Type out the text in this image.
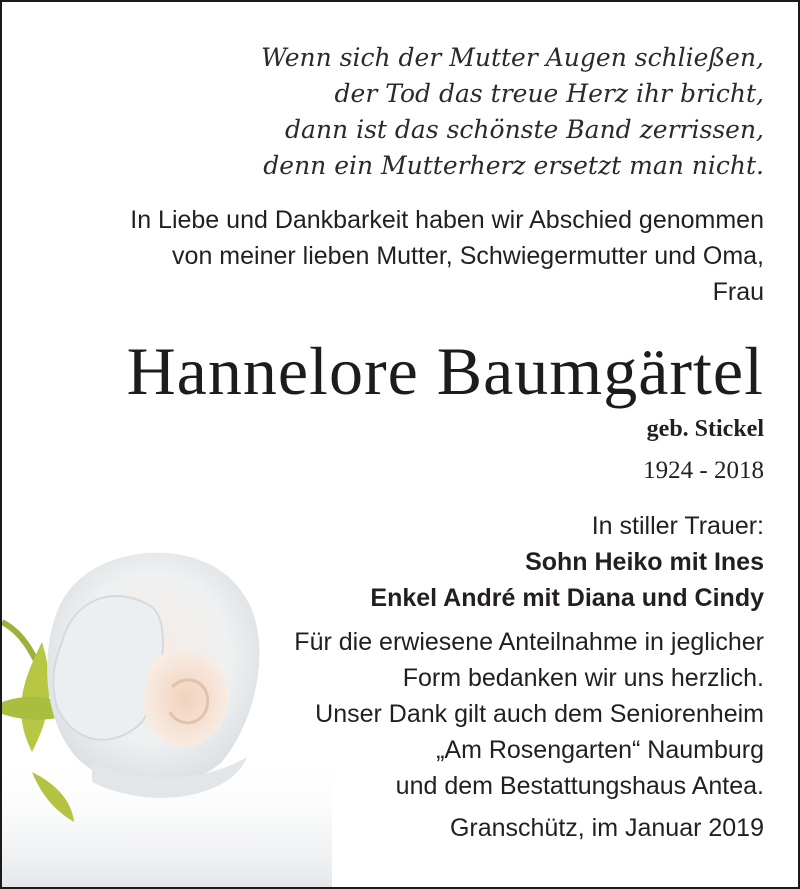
Wenn sich der Mutter Augen schließen,
der Tod das treue Herz ihr bricht,
dann ist das schönste Band zerrissen,
denn ein Mutterherz ersetzt man nicht.
In Liebe und Dankbarkeit haben wir Abschied genommen
von meiner lieben Mutter, Schwiegermutter und Oma,
Frau
Hannelore Baumgärtel
geb. Stickel
1924 - 2018
In stiller Trauer:
Sohn Heiko mit Ines
Enkel André mit Diana und Cindy
Für die erwiesene Anteilnahme in jeglicher
Form bedanken wir uns herzlich.
Unser Dank gilt auch dem Seniorenheim
„Am Rosengarten“ Naumburg
und dem Bestattungshaus Antea.
Granschütz, im Januar 2019
